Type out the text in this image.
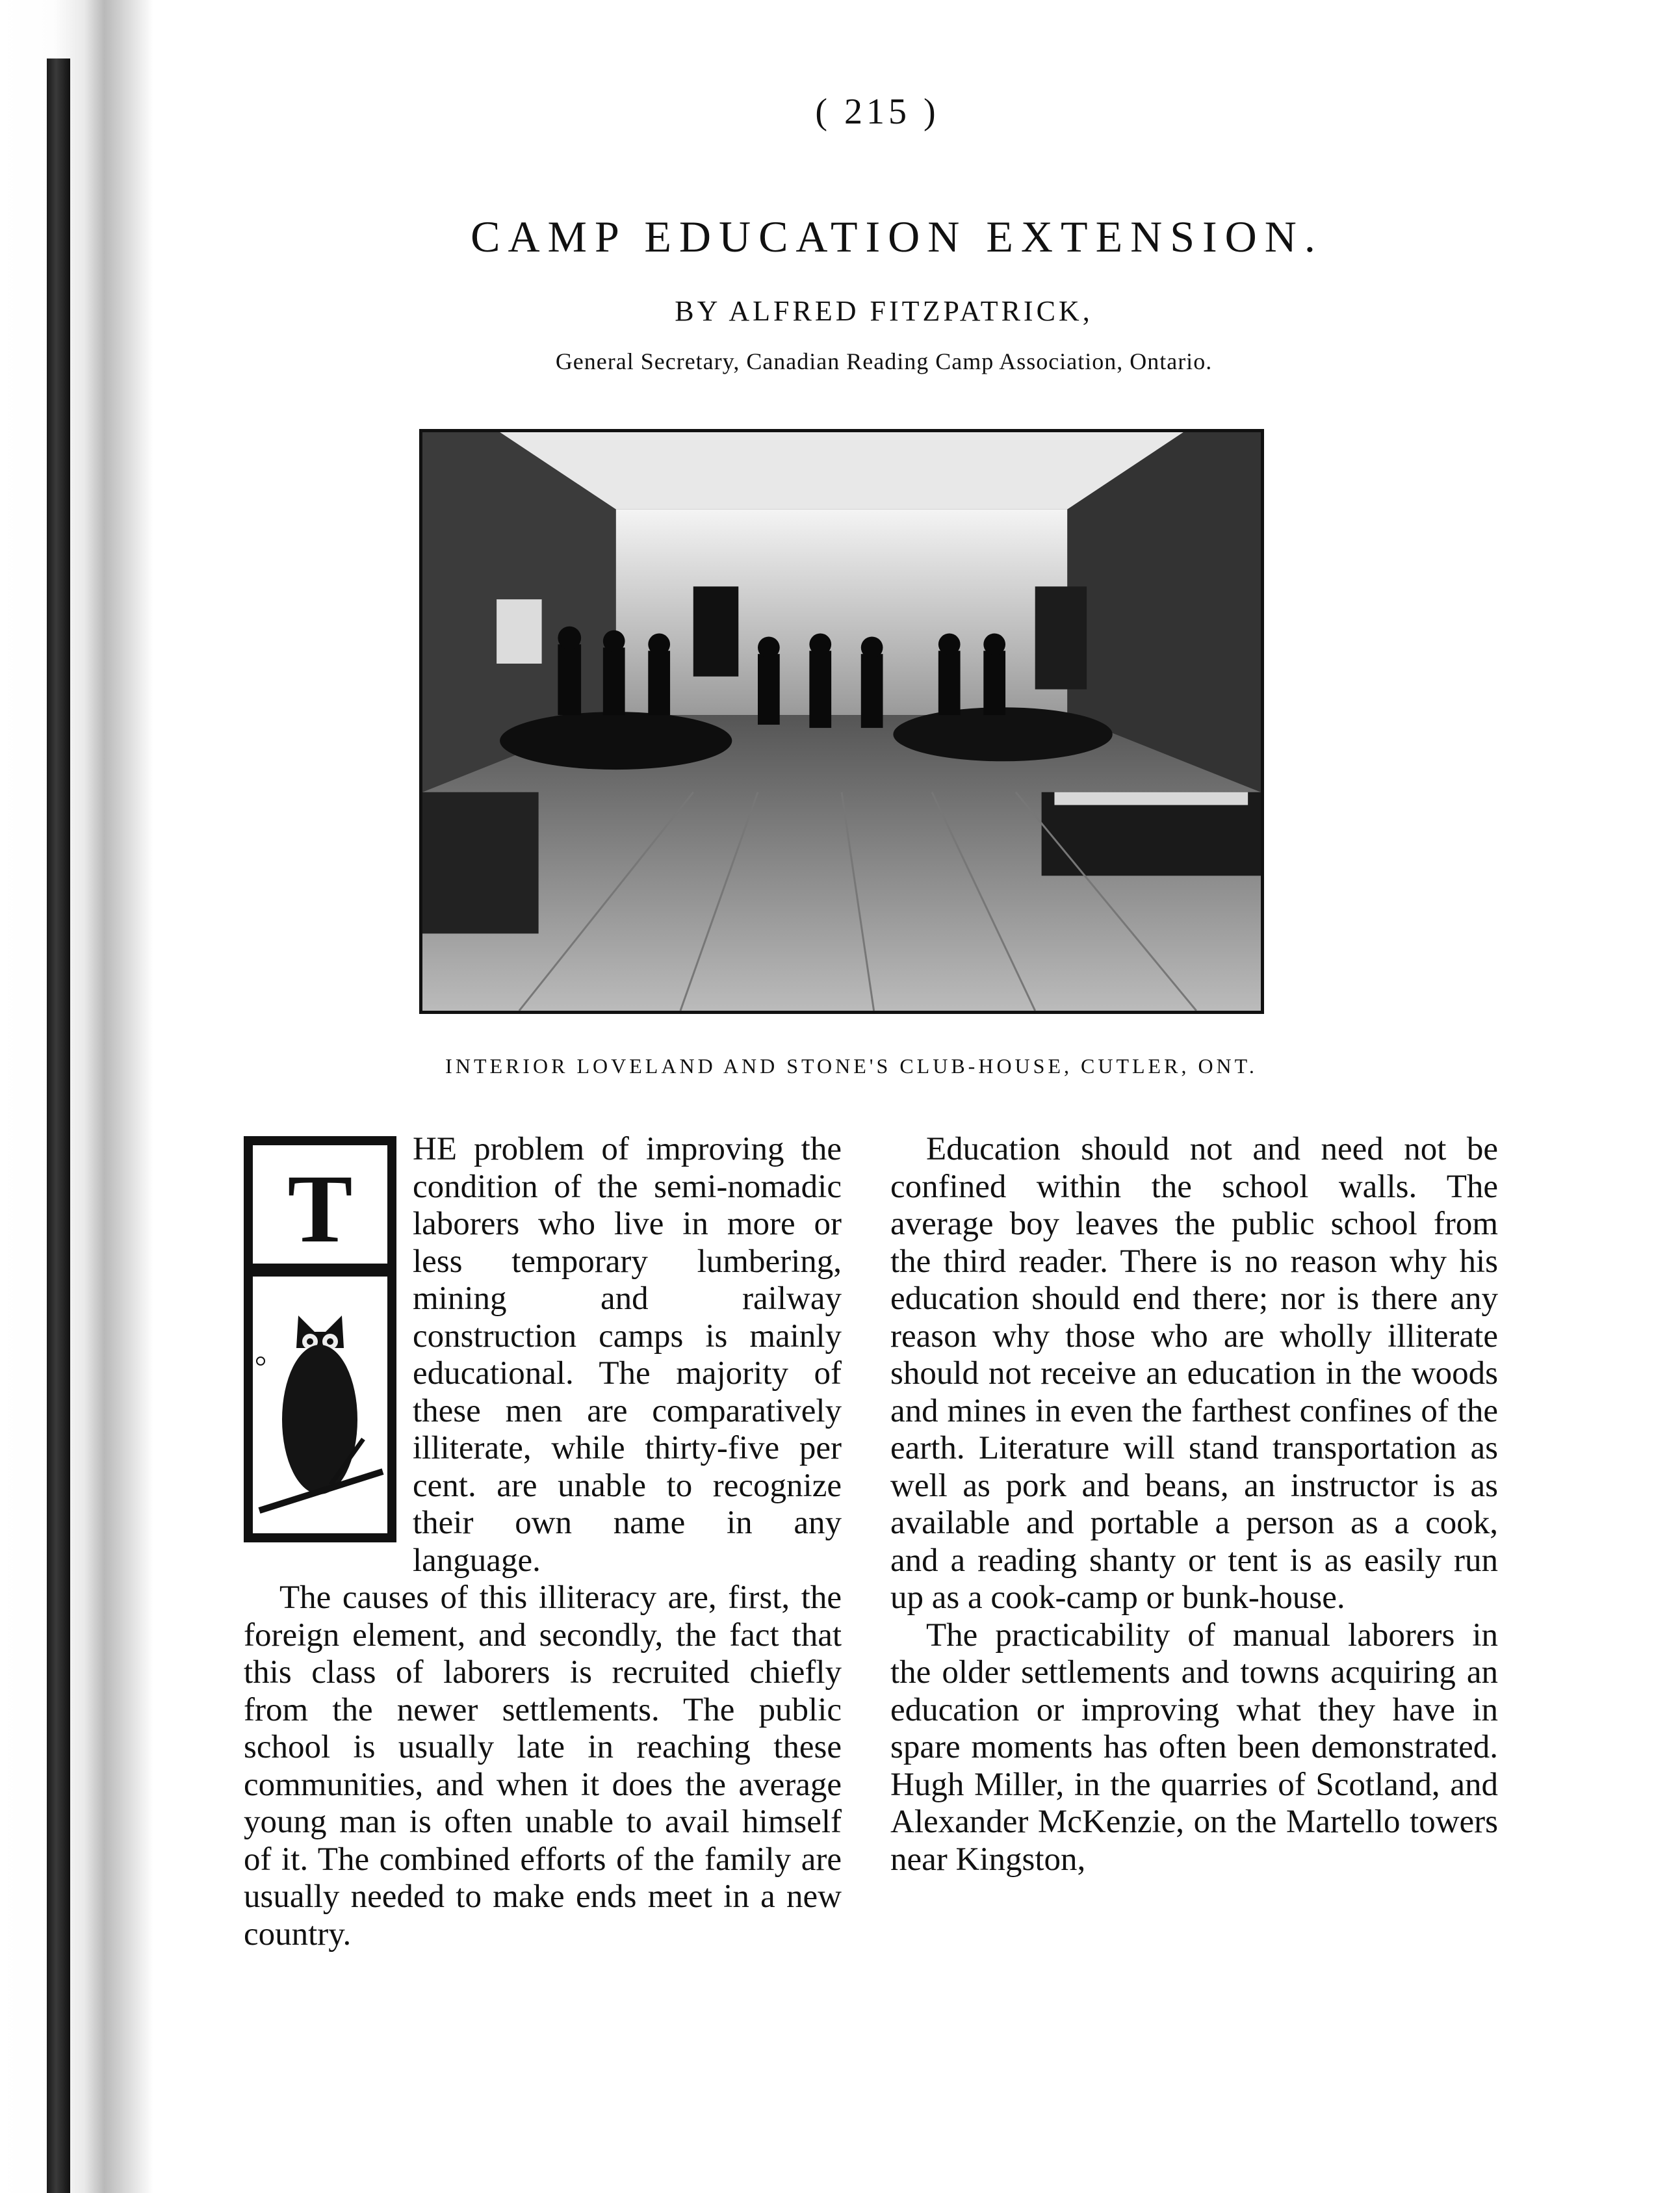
( 215 )
CAMP EDUCATION EXTENSION.
BY ALFRED FITZPATRICK,
General Secretary, Canadian Reading Camp Association, Ontario.
INTERIOR LOVELAND AND STONE'S CLUB-HOUSE, CUTLER, ONT.
T

HE problem of improving the condition of the semi-nomadic laborers who live in more or less temporary lumbering, mining and railway construction camps is mainly educational. The majority of these men are comparatively illiterate, while thirty-five per cent. are unable to recognize their own name in any language.

The causes of this illiteracy are, first, the foreign element, and secondly, the fact that this class of laborers is recruited chiefly from the newer settlements. The public school is usually late in reaching these communities, and when it does the average young man is often unable to avail himself of it. The combined efforts of the family are usually needed to make ends meet in a new country.

Education should not and need not be confined within the school walls. The average boy leaves the public school from the third reader. There is no reason why his education should end there; nor is there any reason why those who are wholly illiterate should not receive an education in the woods and mines in even the farthest confines of the earth. Literature will stand transportation as well as pork and beans, an instructor is as available and portable a person as a cook, and a reading shanty or tent is as easily run up as a cook-camp or bunk-house.

The practicability of manual laborers in the older settlements and towns acquiring an education or improving what they have in spare moments has often been demonstrated. Hugh Miller, in the quarries of Scotland, and Alexander McKenzie, on the Martello towers near Kingston,
